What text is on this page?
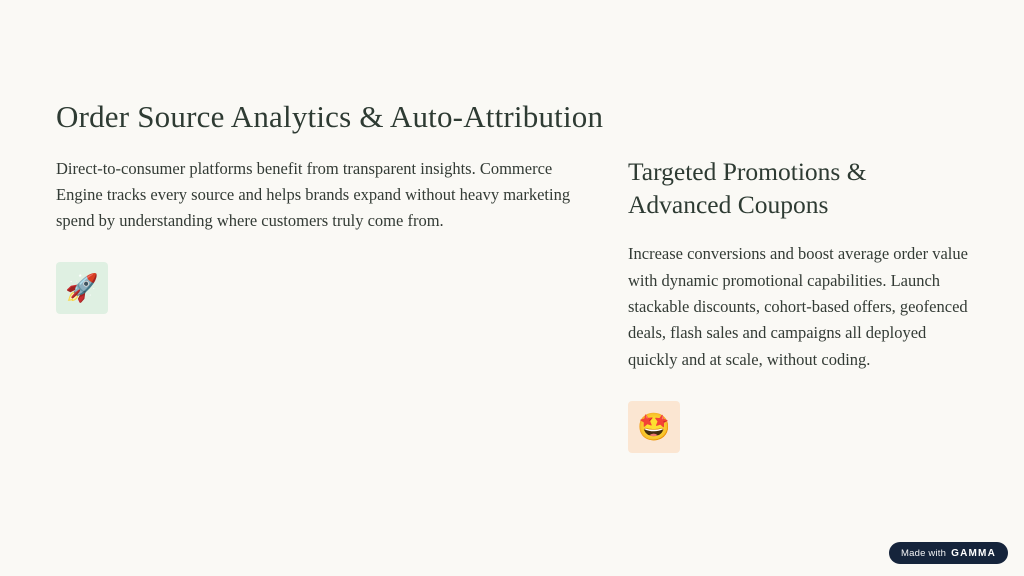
Order Source Analytics & Auto-Attribution

Direct-to-consumer platforms benefit from transparent insights. Commerce Engine tracks every source and helps brands expand without heavy marketing spend by understanding where customers truly come from.

🚀
Targeted Promotions & Advanced Coupons

Increase conversions and boost average order value with dynamic promotional capabilities. Launch stackable discounts, cohort-based offers, geofenced deals, flash sales and campaigns all deployed quickly and at scale, without coding.

🤩
Made with GAMMA
